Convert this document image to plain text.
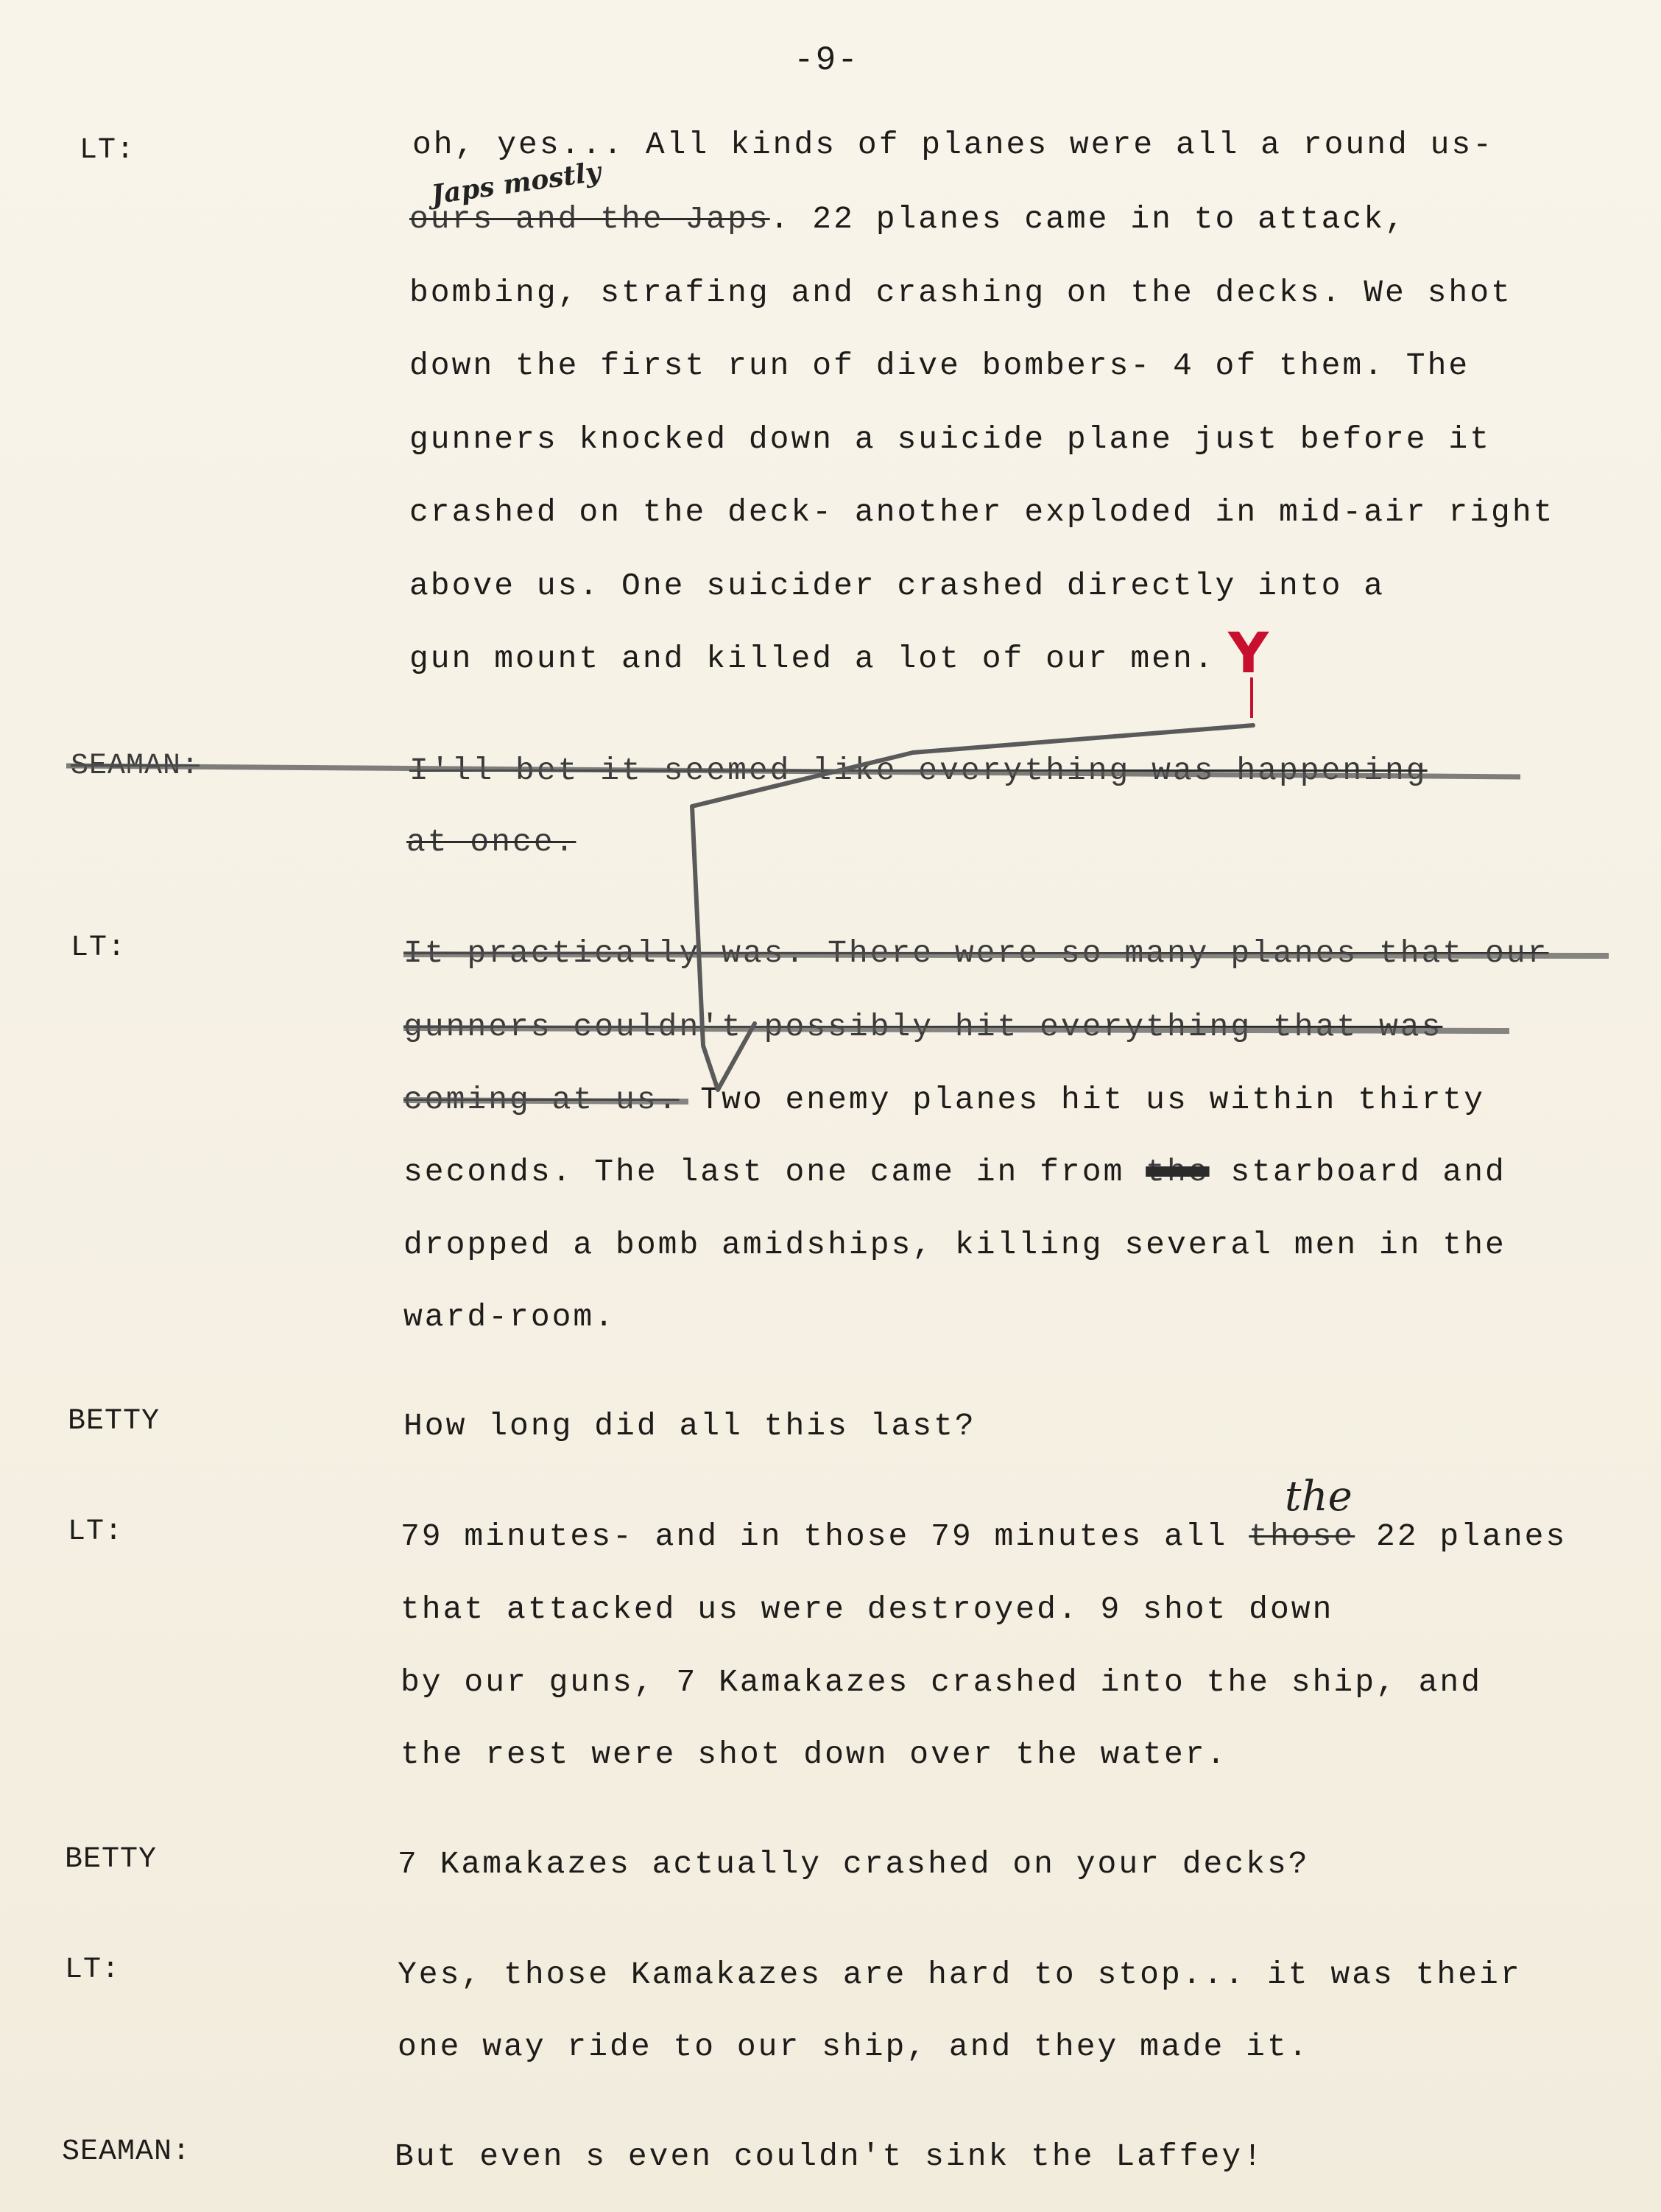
-9-
LT:
SEAMAN:
LT:
BETTY
LT:
BETTY
LT:
SEAMAN:
oh, yes... All kinds of planes were all a round us-
ours and the Japs. 22 planes came in to attack,
bombing, strafing and crashing on the decks. We shot
down the first run of dive bombers- 4 of them. The
gunners knocked down a suicide plane just before it
crashed on the deck- another exploded in mid-air right
above us. One suicider crashed directly into a
gun mount and killed a lot of our men.
I'll bet it seemed like everything was happening
at once.
It practically was. There were so many planes that our
gunners couldn't possibly hit everything that was
coming at us. Two enemy planes hit us within thirty
seconds. The last one came in from the starboard and
dropped a bomb amidships, killing several men in the
ward-room.
How long did all this last?
79 minutes- and in those 79 minutes all those 22 planes
that attacked us were destroyed. 9 shot down
by our guns, 7 Kamakazes crashed into the ship, and
the rest were shot down over the water.
7 Kamakazes actually crashed on your decks?
Yes, those Kamakazes are hard to stop... it was their
one way ride to our ship, and they made it.
But even s even couldn't sink the Laffey!
Japs mostly
the
Y
